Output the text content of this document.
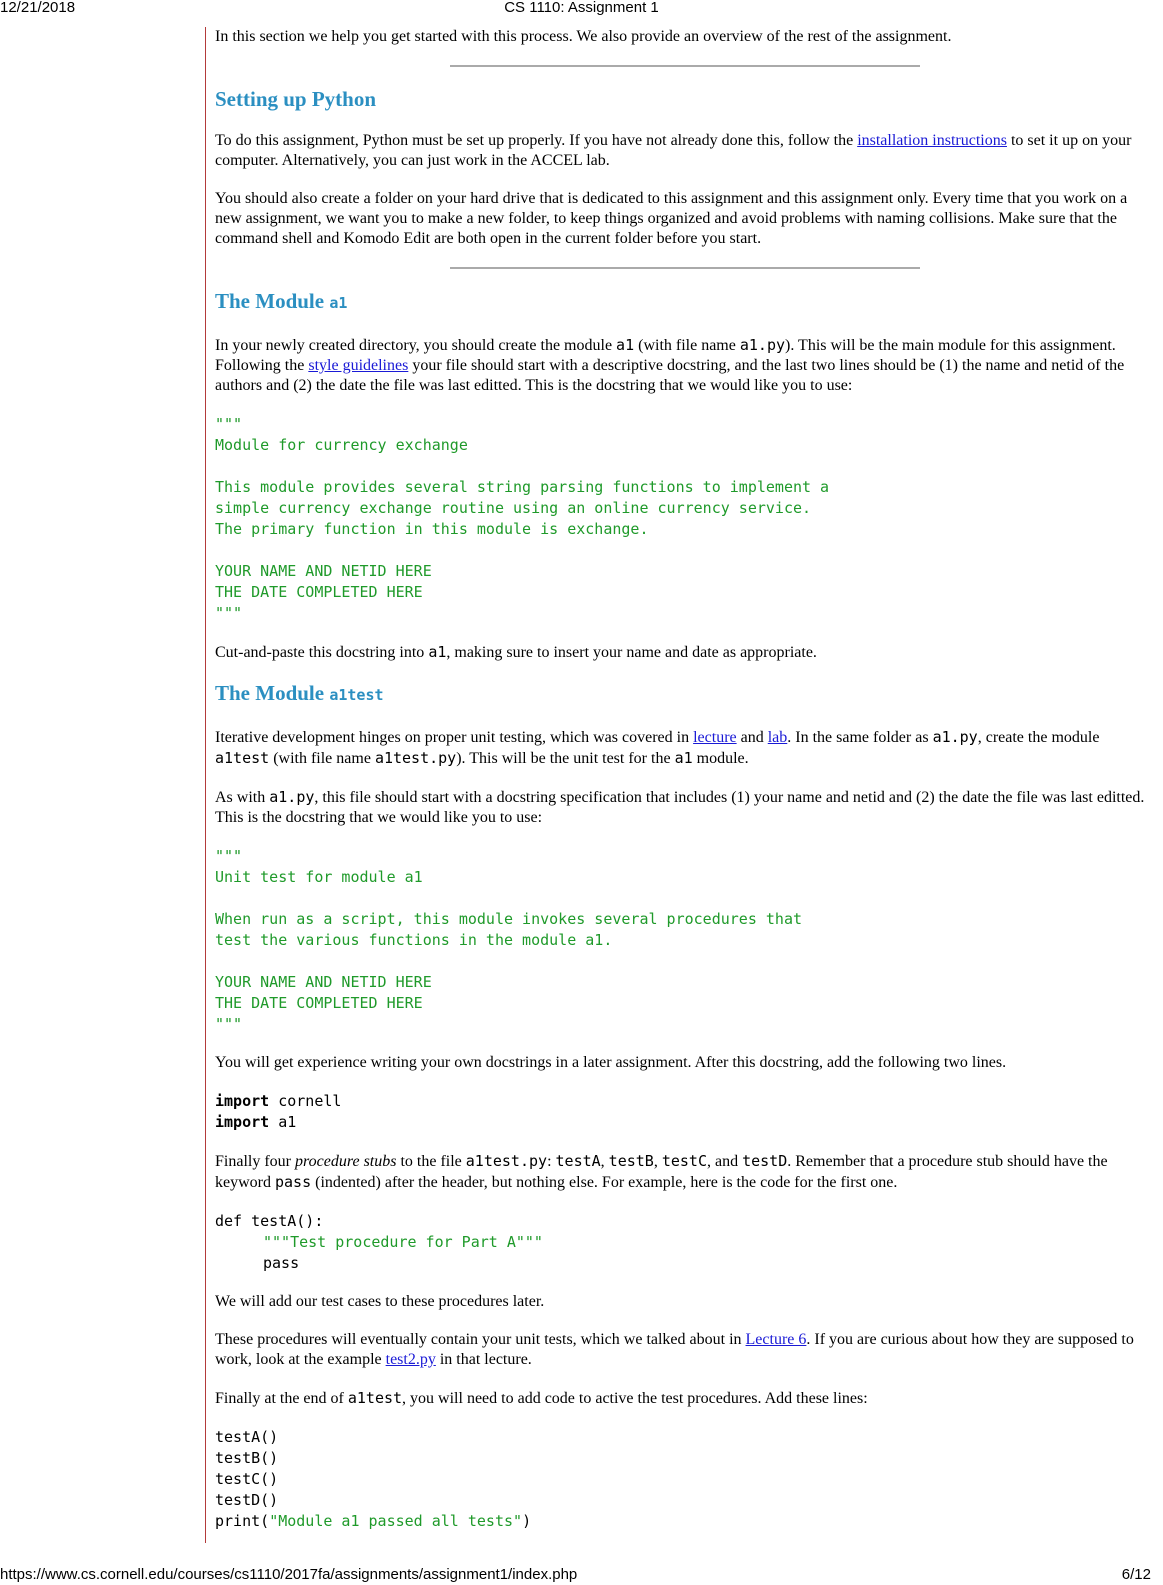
12/21/2018	CS 1110: Assignment 1

In this section we help you get started with this process. We also provide an overview of the rest of the assignment.

Setting up Python

To do this assignment, Python must be set up properly. If you have not already done this, follow the installation instructions to set it up on your computer. Alternatively, you can just work in the ACCEL lab.

You should also create a folder on your hard drive that is dedicated to this assignment and this assignment only. Every time that you work on a new assignment, we want you to make a new folder, to keep things organized and avoid problems with naming collisions. Make sure that the command shell and Komodo Edit are both open in the current folder before you start.

The Module a1

In your newly created directory, you should create the module a1 (with file name a1.py). This will be the main module for this assignment. Following the style guidelines your file should start with a descriptive docstring, and the last two lines should be (1) the name and netid of the authors and (2) the date the file was last editted. This is the docstring that we would like you to use:

"""
Module for currency exchange

This module provides several string parsing functions to implement a
simple currency exchange routine using an online currency service.
The primary function in this module is exchange.

YOUR NAME AND NETID HERE
THE DATE COMPLETED HERE
"""

Cut-and-paste this docstring into a1, making sure to insert your name and date as appropriate.

The Module a1test

Iterative development hinges on proper unit testing, which was covered in lecture and lab. In the same folder as a1.py, create the module a1test (with file name a1test.py). This will be the unit test for the a1 module.

As with a1.py, this file should start with a docstring specification that includes (1) your name and netid and (2) the date the file was last editted. This is the docstring that we would like you to use:

"""
Unit test for module a1

When run as a script, this module invokes several procedures that
test the various functions in the module a1.

YOUR NAME AND NETID HERE
THE DATE COMPLETED HERE
"""

You will get experience writing your own docstrings in a later assignment. After this docstring, add the following two lines.

import cornell
import a1

Finally four procedure stubs to the file a1test.py: testA, testB, testC, and testD. Remember that a procedure stub should have the keyword pass (indented) after the header, but nothing else. For example, here is the code for the first one.

def testA():
"""Test procedure for Part A"""
pass

We will add our test cases to these procedures later.

These procedures will eventually contain your unit tests, which we talked about in Lecture 6. If you are curious about how they are supposed to work, look at the example test2.py in that lecture.

Finally at the end of a1test, you will need to add code to active the test procedures. Add these lines:

testA()
testB()
testC()
testD()
print("Module a1 passed all tests")
https://www.cs.cornell.edu/courses/cs1110/2017fa/assignments/assignment1/index.php	6/12
